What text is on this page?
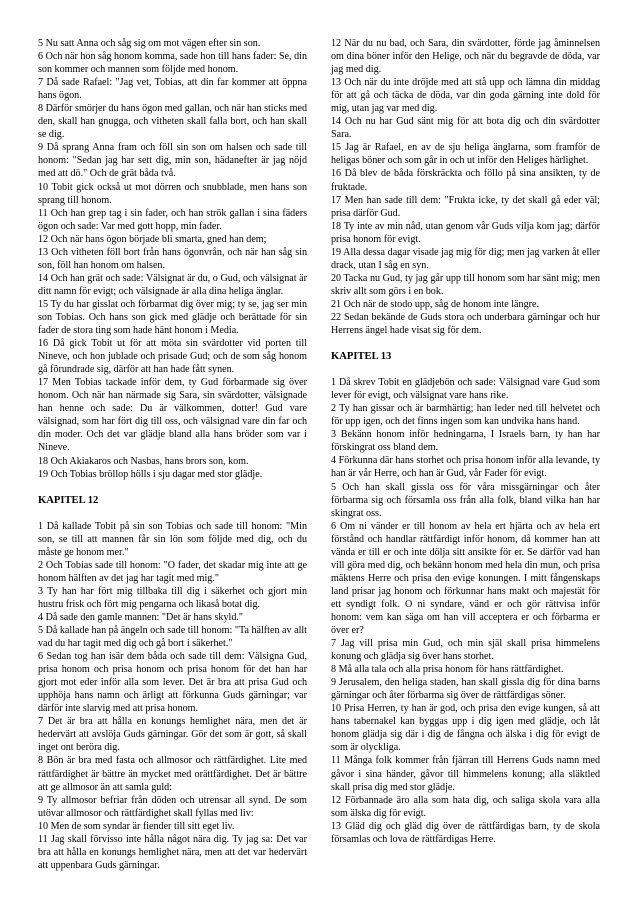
5 Nu satt Anna och såg sig om mot vägen efter sin son.

6 Och när hon såg honom komma, sade hon till hans fader: Se, din son kommer och mannen som följde med honom.

7 Då sade Rafael: "Jag vet, Tobias, att din far kommer att öppna hans ögon.

8 Därför smörjer du hans ögon med gallan, och när han sticks med den, skall han gnugga, och vitheten skall falla bort, och han skall se dig.

9 Då sprang Anna fram och föll sin son om halsen och sade till honom: "Sedan jag har sett dig, min son, hädanefter är jag nöjd med att dö." Och de grät båda två.

10 Tobit gick också ut mot dörren och snubblade, men hans son sprang till honom.

11 Och han grep tag i sin fader, och han strök gallan i sina fäders ögon och sade: Var med gott hopp, min fader.

12 Och när hans ögon började bli smarta, gned han dem;

13 Och vitheten föll bort från hans ögonvrån, och när han såg sin son, föll han honom om halsen.

14 Och han grät och sade: Välsignat är du, o Gud, och välsignat är ditt namn för evigt; och välsignade är alla dina heliga änglar.

15 Ty du har gisslat och förbarmat dig över mig; ty se, jag ser min son Tobias. Och hans son gick med glädje och berättade för sin fader de stora ting som hade hänt honom i Media.

16 Då gick Tobit ut för att möta sin svärdotter vid porten till Nineve, och hon jublade och prisade Gud; och de som såg honom gå förundrade sig, därför att han hade fått synen.

17 Men Tobias tackade inför dem, ty Gud förbarmade sig över honom. Och när han närmade sig Sara, sin svärdotter, välsignade han henne och sade: Du är välkommen, dotter! Gud vare välsignad, som har fört dig till oss, och välsignad vare din far och din moder. Och det var glädje bland alla hans bröder som var i Nineve.

18 Och Akiakaros och Nasbas, hans brors son, kom.

19 Och Tobias bröllop hölls i sju dagar med stor glädje.

KAPITEL 12

1 Då kallade Tobit på sin son Tobias och sade till honom: "Min son, se till att mannen får sin lön som följde med dig, och du måste ge honom mer."

2 Och Tobias sade till honom: "O fader, det skadar mig inte att ge honom hälften av det jag har tagit med mig."

3 Ty han har fört mig tillbaka till dig i säkerhet och gjort min hustru frisk och fört mig pengarna och likaså botat dig.

4 Då sade den gamle mannen: "Det är hans skyld."

5 Då kallade han på ängeln och sade till honom: "Ta hälften av allt vad du har tagit med dig och gå bort i säkerhet."

6 Sedan tog han isär dem båda och sade till dem: Välsigna Gud, prisa honom och prisa honom och prisa honom för det han har gjort mot eder inför alla som lever. Det är bra att prisa Gud och upphöja hans namn och ärligt att förkunna Guds gärningar; var därför inte slarvig med att prisa honom.

7 Det är bra att hålla en konungs hemlighet nära, men det är hedervärt att avslöja Guds gärningar. Gör det som är gott, så skall inget ont beröra dig.

8 Bön är bra med fasta och allmosor och rättfärdighet. Lite med rättfärdighet är bättre än mycket med orättfärdighet. Det är bättre att ge allmosor än att samla guld:

9 Ty allmosor befriar från döden och utrensar all synd. De som utövar allmosor och rättfärdighet skall fyllas med liv:

10 Men de som syndar är fiender till sitt eget liv.

11 Jag skall förvisso inte hålla något nära dig. Ty jag sa: Det var bra att hålla en konungs hemlighet nära, men att det var hedervärt att uppenbara Guds gärningar.

12 När du nu bad, och Sara, din svärdotter, förde jag åminnelsen om dina böner inför den Helige, och när du begravde de döda, var jag med dig.

13 Och när du inte dröjde med att stå upp och lämna din middag för att gå och täcka de döda, var din goda gärning inte dold för mig, utan jag var med dig.

14 Och nu har Gud sänt mig för att bota dig och din svärdotter Sara.

15 Jag är Rafael, en av de sju heliga änglarna, som framför de heligas böner och som går in och ut inför den Heliges härlighet.

16 Då blev de båda förskräckta och föllo på sina ansikten, ty de fruktade.

17 Men han sade till dem: "Frukta icke, ty det skall gå eder väl; prisa därför Gud.

18 Ty inte av min nåd, utan genom vår Guds vilja kom jag; därför prisa honom för evigt.

19 Alla dessa dagar visade jag mig för dig; men jag varken åt eller drack, utan I såg en syn.

20 Tacka nu Gud, ty jag går upp till honom som har sänt mig; men skriv allt som görs i en bok.

21 Och när de stodo upp, såg de honom inte längre.

22 Sedan bekände de Guds stora och underbara gärningar och hur Herrens ängel hade visat sig för dem.

KAPITEL 13

1 Då skrev Tobit en glädjebön och sade: Välsignad vare Gud som lever för evigt, och välsignat vare hans rike.

2 Ty han gissar och är barmhärtig; han leder ned till helvetet och för upp igen, och det finns ingen som kan undvika hans hand.

3 Bekänn honom inför hedningarna, I Israels barn, ty han har förskingrat oss bland dem.

4 Förkunna där hans storhet och prisa honom inför alla levande, ty han är vår Herre, och han är Gud, vår Fader för evigt.

5 Och han skall gissla oss för våra missgärningar och åter förbarma sig och församla oss från alla folk, bland vilka han har skingrat oss.

6 Om ni vänder er till honom av hela ert hjärta och av hela ert förstånd och handlar rättfärdigt inför honom, då kommer han att vända er till er och inte dölja sitt ansikte för er. Se därför vad han vill göra med dig, och bekänn honom med hela din mun, och prisa mäktens Herre och prisa den evige konungen. I mitt fångenskaps land prisar jag honom och förkunnar hans makt och majestät för ett syndigt folk. O ni syndare, vänd er och gör rättvisa inför honom: vem kan säga om han vill acceptera er och förbarma er över er?

7 Jag vill prisa min Gud, och min själ skall prisa himmelens konung och glädja sig över hans storhet.

8 Må alla tala och alla prisa honom för hans rättfärdighet.

9 Jerusalem, den heliga staden, han skall gissla dig för dina barns gärningar och åter förbarma sig över de rättfärdigas söner.

10 Prisa Herren, ty han är god, och prisa den evige kungen, så att hans tabernakel kan byggas upp i dig igen med glädje, och låt honom glädja sig där i dig de fångna och älska i dig för evigt de som är olyckliga.

11 Många folk kommer från fjärran till Herrens Guds namn med gåvor i sina händer, gåvor till himmelens konung; alla släktled skall prisa dig med stor glädje.

12 Förbannade äro alla som hata dig, och saliga skola vara alla som älska dig för evigt.

13 Gläd dig och gläd dig över de rättfärdigas barn, ty de skola församlas och lova de rättfärdigas Herre.
